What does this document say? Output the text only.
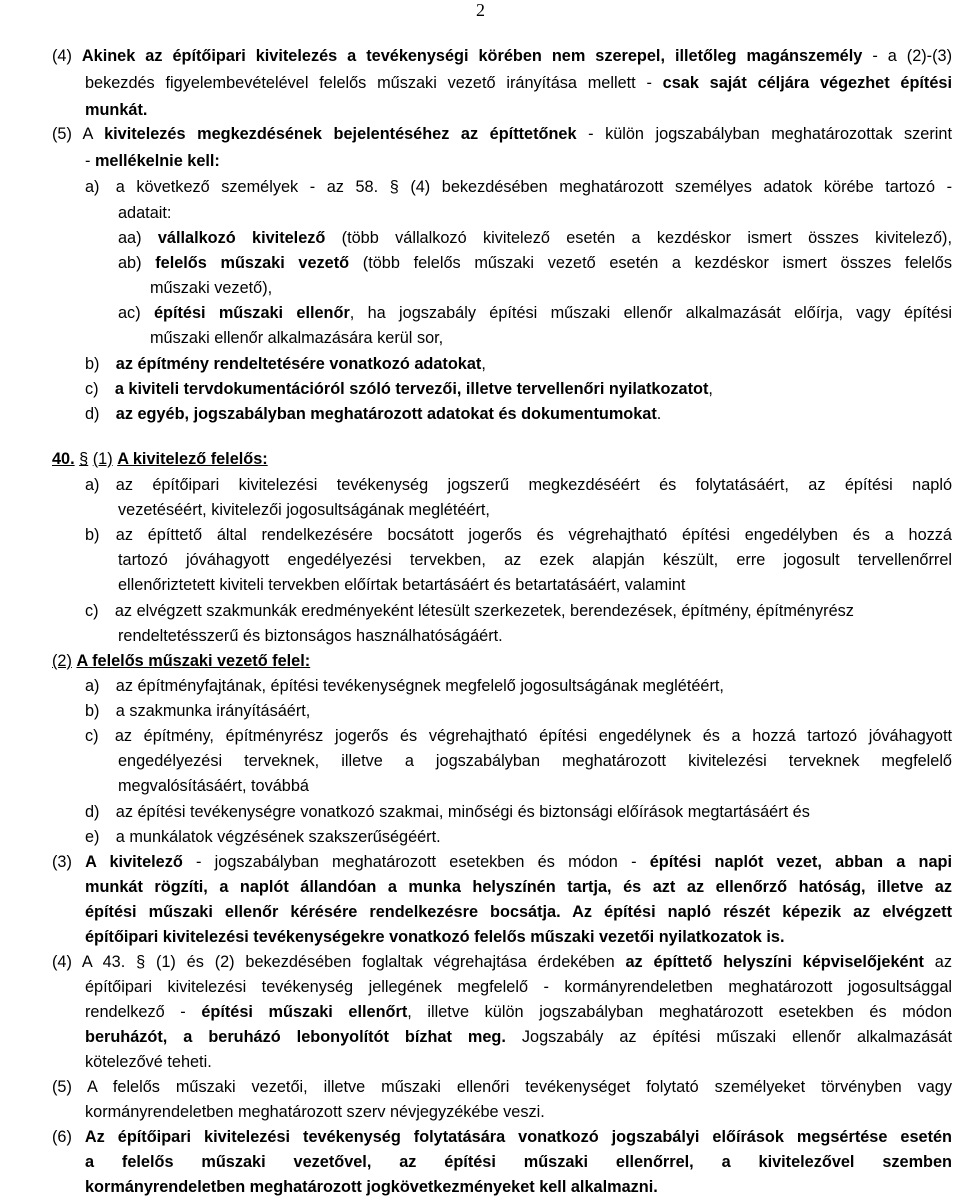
2
(4) Akinek az építőipari kivitelezés a tevékenységi körében nem szerepel, illetőleg magánszemély - a (2)-(3)
bekezdés figyelembevételével felelős műszaki vezető irányítása mellett - csak saját céljára végezhet építési
munkát.
(5) A kivitelezés megkezdésének bejelentéséhez az építtetőnek - külön jogszabályban meghatározottak szerint
- mellékelnie kell:
a) a következő személyek - az 58. § (4) bekezdésében meghatározott személyes adatok körébe tartozó -
adatait:
aa) vállalkozó kivitelező (több vállalkozó kivitelező esetén a kezdéskor ismert összes kivitelező),
ab) felelős műszaki vezető (több felelős műszaki vezető esetén a kezdéskor ismert összes felelős
műszaki vezető),
ac) építési műszaki ellenőr, ha jogszabály építési műszaki ellenőr alkalmazását előírja, vagy építési
műszaki ellenőr alkalmazására kerül sor,
b) az építmény rendeltetésére vonatkozó adatokat,
c) a kiviteli tervdokumentációról szóló tervezői, illetve tervellenőri nyilatkozatot,
d) az egyéb, jogszabályban meghatározott adatokat és dokumentumokat.
40. § (1) A kivitelező felelős:
a) az építőipari kivitelezési tevékenység jogszerű megkezdéséért és folytatásáért, az építési napló
vezetéséért, kivitelezői jogosultságának meglétéért,
b) az építtető által rendelkezésére bocsátott jogerős és végrehajtható építési engedélyben és a hozzá
tartozó jóváhagyott engedélyezési tervekben, az ezek alapján készült, erre jogosult tervellenőrrel
ellenőriztetett kiviteli tervekben előírtak betartásáért és betartatásáért, valamint
c) az elvégzett szakmunkák eredményeként létesült szerkezetek, berendezések, építmény, építményrész
rendeltetésszerű és biztonságos használhatóságáért.
(2) A felelős műszaki vezető felel:
a) az építményfajtának, építési tevékenységnek megfelelő jogosultságának meglétéért,
b) a szakmunka irányításáért,
c) az építmény, építményrész jogerős és végrehajtható építési engedélynek és a hozzá tartozó jóváhagyott
engedélyezési terveknek, illetve a jogszabályban meghatározott kivitelezési terveknek megfelelő
megvalósításáért, továbbá
d) az építési tevékenységre vonatkozó szakmai, minőségi és biztonsági előírások megtartásáért és
e) a munkálatok végzésének szakszerűségéért.
(3) A kivitelező - jogszabályban meghatározott esetekben és módon - építési naplót vezet, abban a napi
munkát rögzíti, a naplót állandóan a munka helyszínén tartja, és azt az ellenőrző hatóság, illetve az
építési műszaki ellenőr kérésére rendelkezésre bocsátja. Az építési napló részét képezik az elvégzett
építőipari kivitelezési tevékenységekre vonatkozó felelős műszaki vezetői nyilatkozatok is.
(4) A 43. § (1) és (2) bekezdésében foglaltak végrehajtása érdekében az építtető helyszíni képviselőjeként az
építőipari kivitelezési tevékenység jellegének megfelelő - kormányrendeletben meghatározott jogosultsággal
rendelkező - építési műszaki ellenőrt, illetve külön jogszabályban meghatározott esetekben és módon
beruházót, a beruházó lebonyolítót bízhat meg. Jogszabály az építési műszaki ellenőr alkalmazását
kötelezővé teheti.
(5) A felelős műszaki vezetői, illetve műszaki ellenőri tevékenységet folytató személyeket törvényben vagy
kormányrendeletben meghatározott szerv névjegyzékébe veszi.
(6) Az építőipari kivitelezési tevékenység folytatására vonatkozó jogszabályi előírások megsértése esetén
a felelős műszaki vezetővel, az építési műszaki ellenőrrel, a kivitelezővel szemben
kormányrendeletben meghatározott jogkövetkezményeket kell alkalmazni.
